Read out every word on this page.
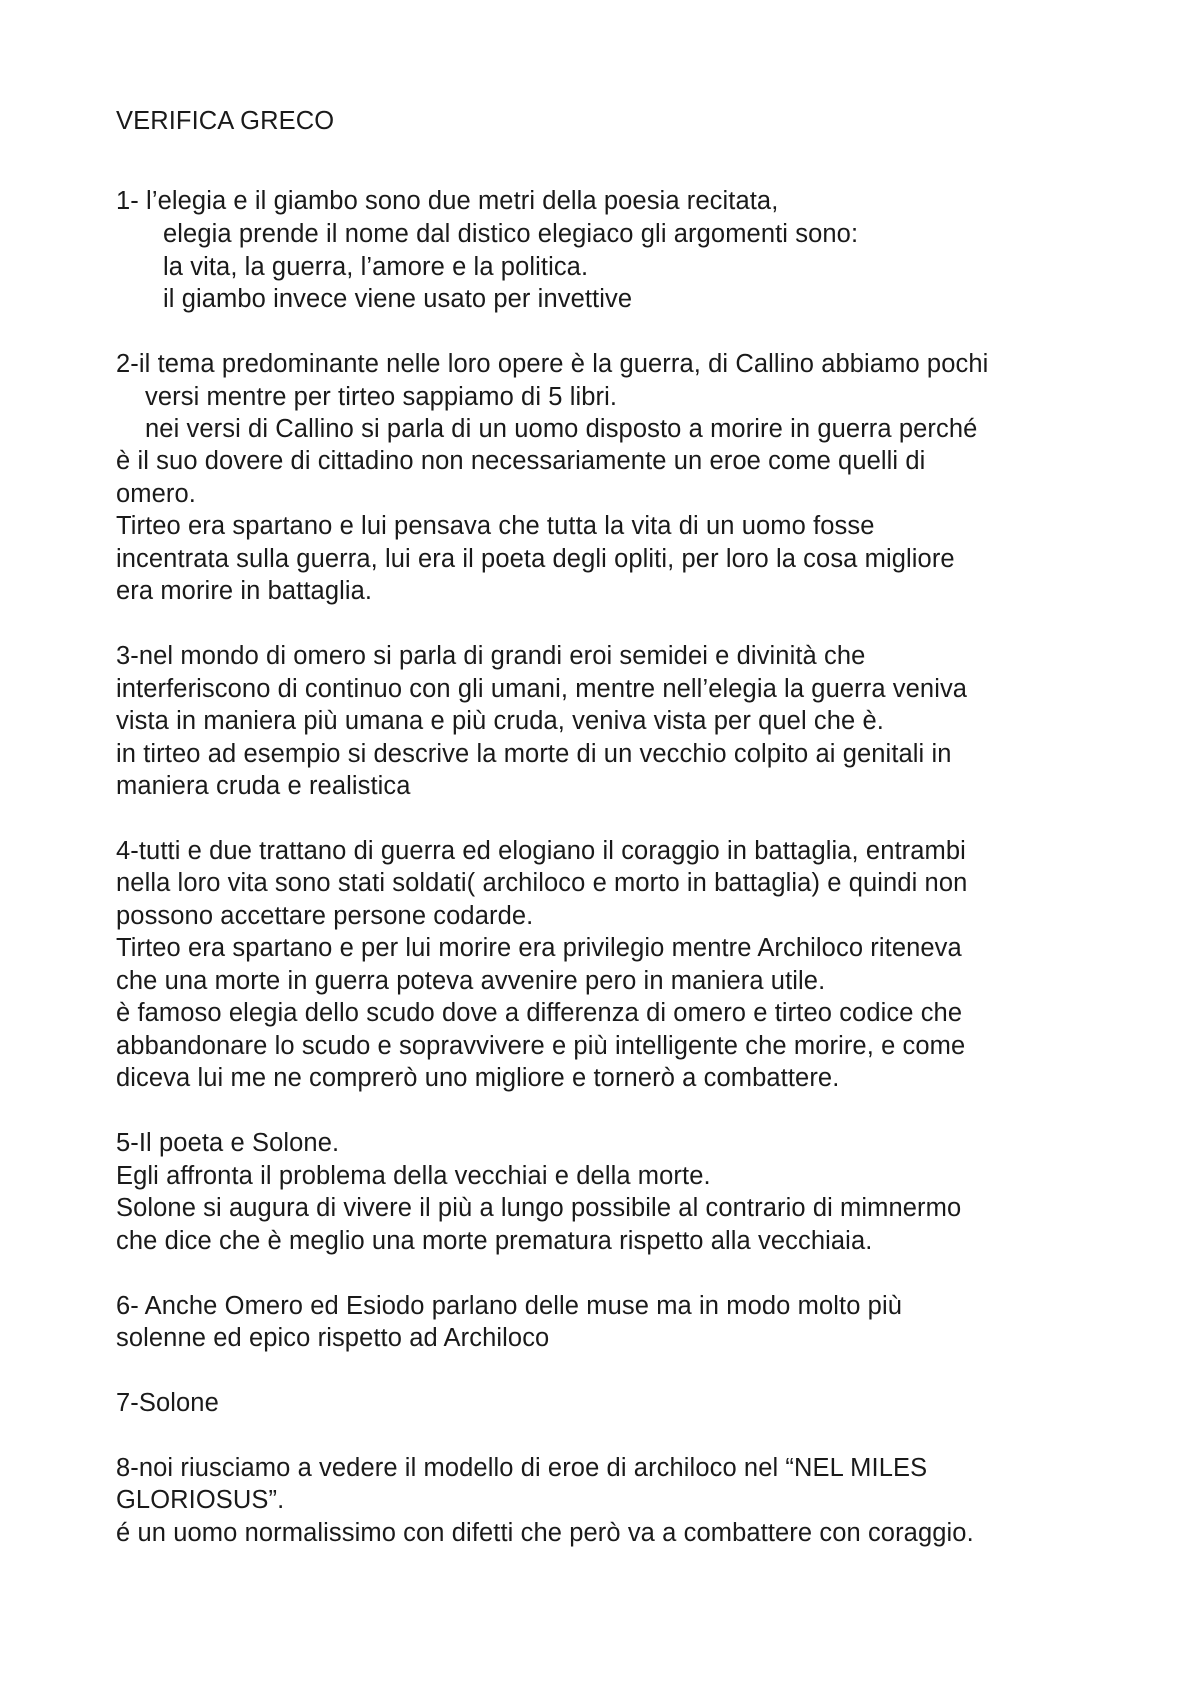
VERIFICA GRECO

1- l’elegia e il giambo sono due metri della poesia recitata,

elegia prende il nome dal distico elegiaco gli argomenti sono:

la vita, la guerra, l’amore e la politica.

il giambo invece viene usato per invettive

2-il tema predominante nelle loro opere è la guerra, di Callino abbiamo pochi

versi mentre per tirteo sappiamo di 5 libri.

nei versi di Callino si parla di un uomo disposto a morire in guerra perché

è il suo dovere di cittadino non necessariamente un eroe come quelli di

omero.

Tirteo era spartano e lui pensava che tutta la vita di un uomo fosse

incentrata sulla guerra, lui era il poeta degli opliti, per loro la cosa migliore

era morire in battaglia.

3-nel mondo di omero si parla di grandi eroi semidei e divinità che

interferiscono di continuo con gli umani, mentre nell’elegia la guerra veniva

vista in maniera più umana e più cruda, veniva vista per quel che è.

in tirteo ad esempio si descrive la morte di un vecchio colpito ai genitali in

maniera cruda e realistica

4-tutti e due trattano di guerra ed elogiano il coraggio in battaglia, entrambi

nella loro vita sono stati soldati( archiloco e morto in battaglia) e quindi non

possono accettare persone codarde.

Tirteo era spartano e per lui morire era privilegio mentre Archiloco riteneva

che una morte in guerra poteva avvenire pero in maniera utile.

è famoso elegia dello scudo dove a differenza di omero e tirteo codice che

abbandonare lo scudo e sopravvivere e più intelligente che morire, e come

diceva lui me ne comprerò uno migliore e tornerò a combattere.

5-Il poeta e Solone.

Egli affronta il problema della vecchiai e della morte.

Solone si augura di vivere il più a lungo possibile al contrario di mimnermo

che dice che è meglio una morte prematura rispetto alla vecchiaia.

6- Anche Omero ed Esiodo parlano delle muse ma in modo molto più

solenne ed epico rispetto ad Archiloco

7-Solone

8-noi riusciamo a vedere il modello di eroe di archiloco nel “NEL MILES

GLORIOSUS”.

é un uomo normalissimo con difetti che però va a combattere con coraggio.
